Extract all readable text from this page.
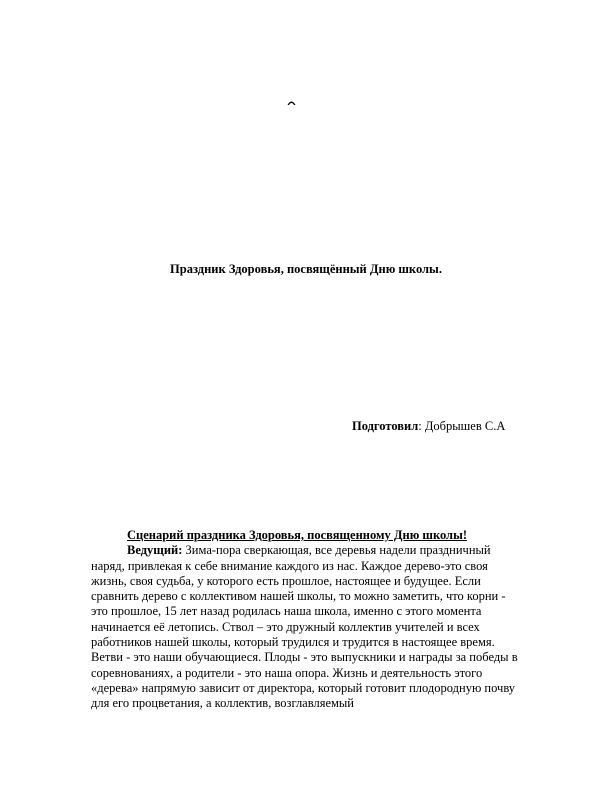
Праздник Здоровья, посвящённый Дню школы.
Подготовил: Добрышев С.А
Сценарий праздника Здоровья, посвященному Дню школы!

Ведущий: Зима-пора сверкающая, все деревья надели праздничный наряд, привлекая к себе внимание каждого из нас. Каждое дерево-это своя жизнь, своя судьба, у которого есть прошлое, настоящее и будущее. Если сравнить дерево с коллективом нашей школы, то можно заметить, что корни - это прошлое, 15 лет назад родилась наша школа, именно с этого момента начинается её летопись. Ствол – это дружный коллектив учителей и всех работников нашей школы, который трудился и трудится в настоящее время. Ветви - это наши обучающиеся. Плоды - это выпускники и награды за победы в соревнованиях, а родители - это наша опора. Жизнь и деятельность этого «дерева» напрямую зависит от директора, который готовит плодородную почву для его процветания, а коллектив, возглавляемый
